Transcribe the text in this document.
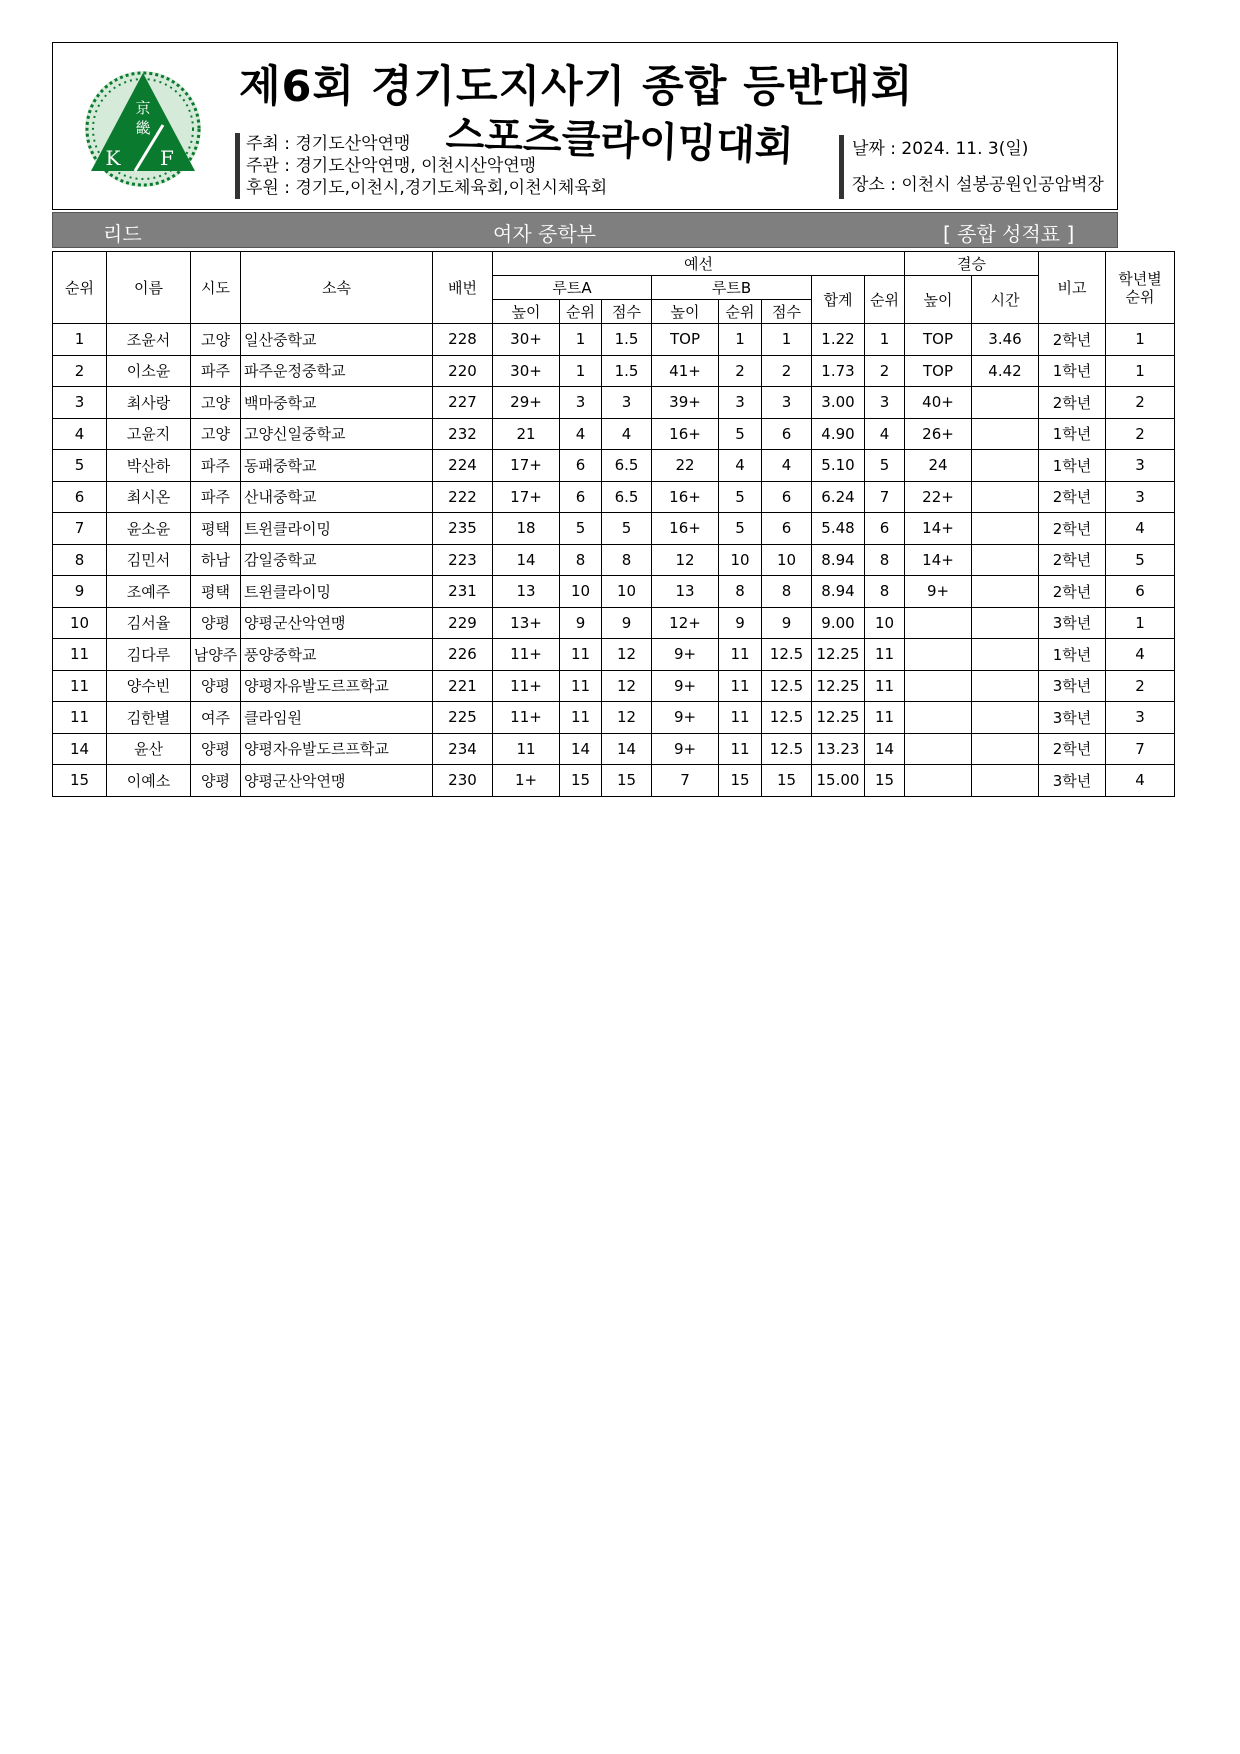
京
畿
K F
제6회 경기도지사기 종합 등반대회
스포츠클라이밍대회
주최 : 경기도산악연맹
주관 : 경기도산악연맹, 이천시산악연맹
후원 : 경기도,이천시,경기도체육회,이천시체육회
날짜 : 2024. 11. 3(일)
장소 : 이천시 설봉공원인공암벽장
리드	여자 중학부	[ 종합 성적표 ]
순위	이름	시도	소속	배번	예선								결승		비고	학년별
순위
					루트A			루트B			합계	순위	높이	시간		
					높이	순위	점수	높이	순위	점수						
1	조윤서	고양	일산중학교	228	30+	1	1.5	TOP	1	1	1.22	1	TOP	3.46	2학년	1
2	이소윤	파주	파주운정중학교	220	30+	1	1.5	41+	2	2	1.73	2	TOP	4.42	1학년	1
3	최사랑	고양	백마중학교	227	29+	3	3	39+	3	3	3.00	3	40+		2학년	2
4	고윤지	고양	고양신일중학교	232	21	4	4	16+	5	6	4.90	4	26+		1학년	2
5	박산하	파주	동패중학교	224	17+	6	6.5	22	4	4	5.10	5	24		1학년	3
6	최시온	파주	산내중학교	222	17+	6	6.5	16+	5	6	6.24	7	22+		2학년	3
7	윤소윤	평택	트윈클라이밍	235	18	5	5	16+	5	6	5.48	6	14+		2학년	4
8	김민서	하남	감일중학교	223	14	8	8	12	10	10	8.94	8	14+		2학년	5
9	조예주	평택	트윈클라이밍	231	13	10	10	13	8	8	8.94	8	9+		2학년	6
10	김서율	양평	양평군산악연맹	229	13+	9	9	12+	9	9	9.00	10			3학년	1
11	김다루	남양주	풍양중학교	226	11+	11	12	9+	11	12.5	12.25	11			1학년	4
11	양수빈	양평	양평자유발도르프학교	221	11+	11	12	9+	11	12.5	12.25	11			3학년	2
11	김한별	여주	클라임원	225	11+	11	12	9+	11	12.5	12.25	11			3학년	3
14	윤산	양평	양평자유발도르프학교	234	11	14	14	9+	11	12.5	13.23	14			2학년	7
15	이예소	양평	양평군산악연맹	230	1+	15	15	7	15	15	15.00	15			3학년	4
